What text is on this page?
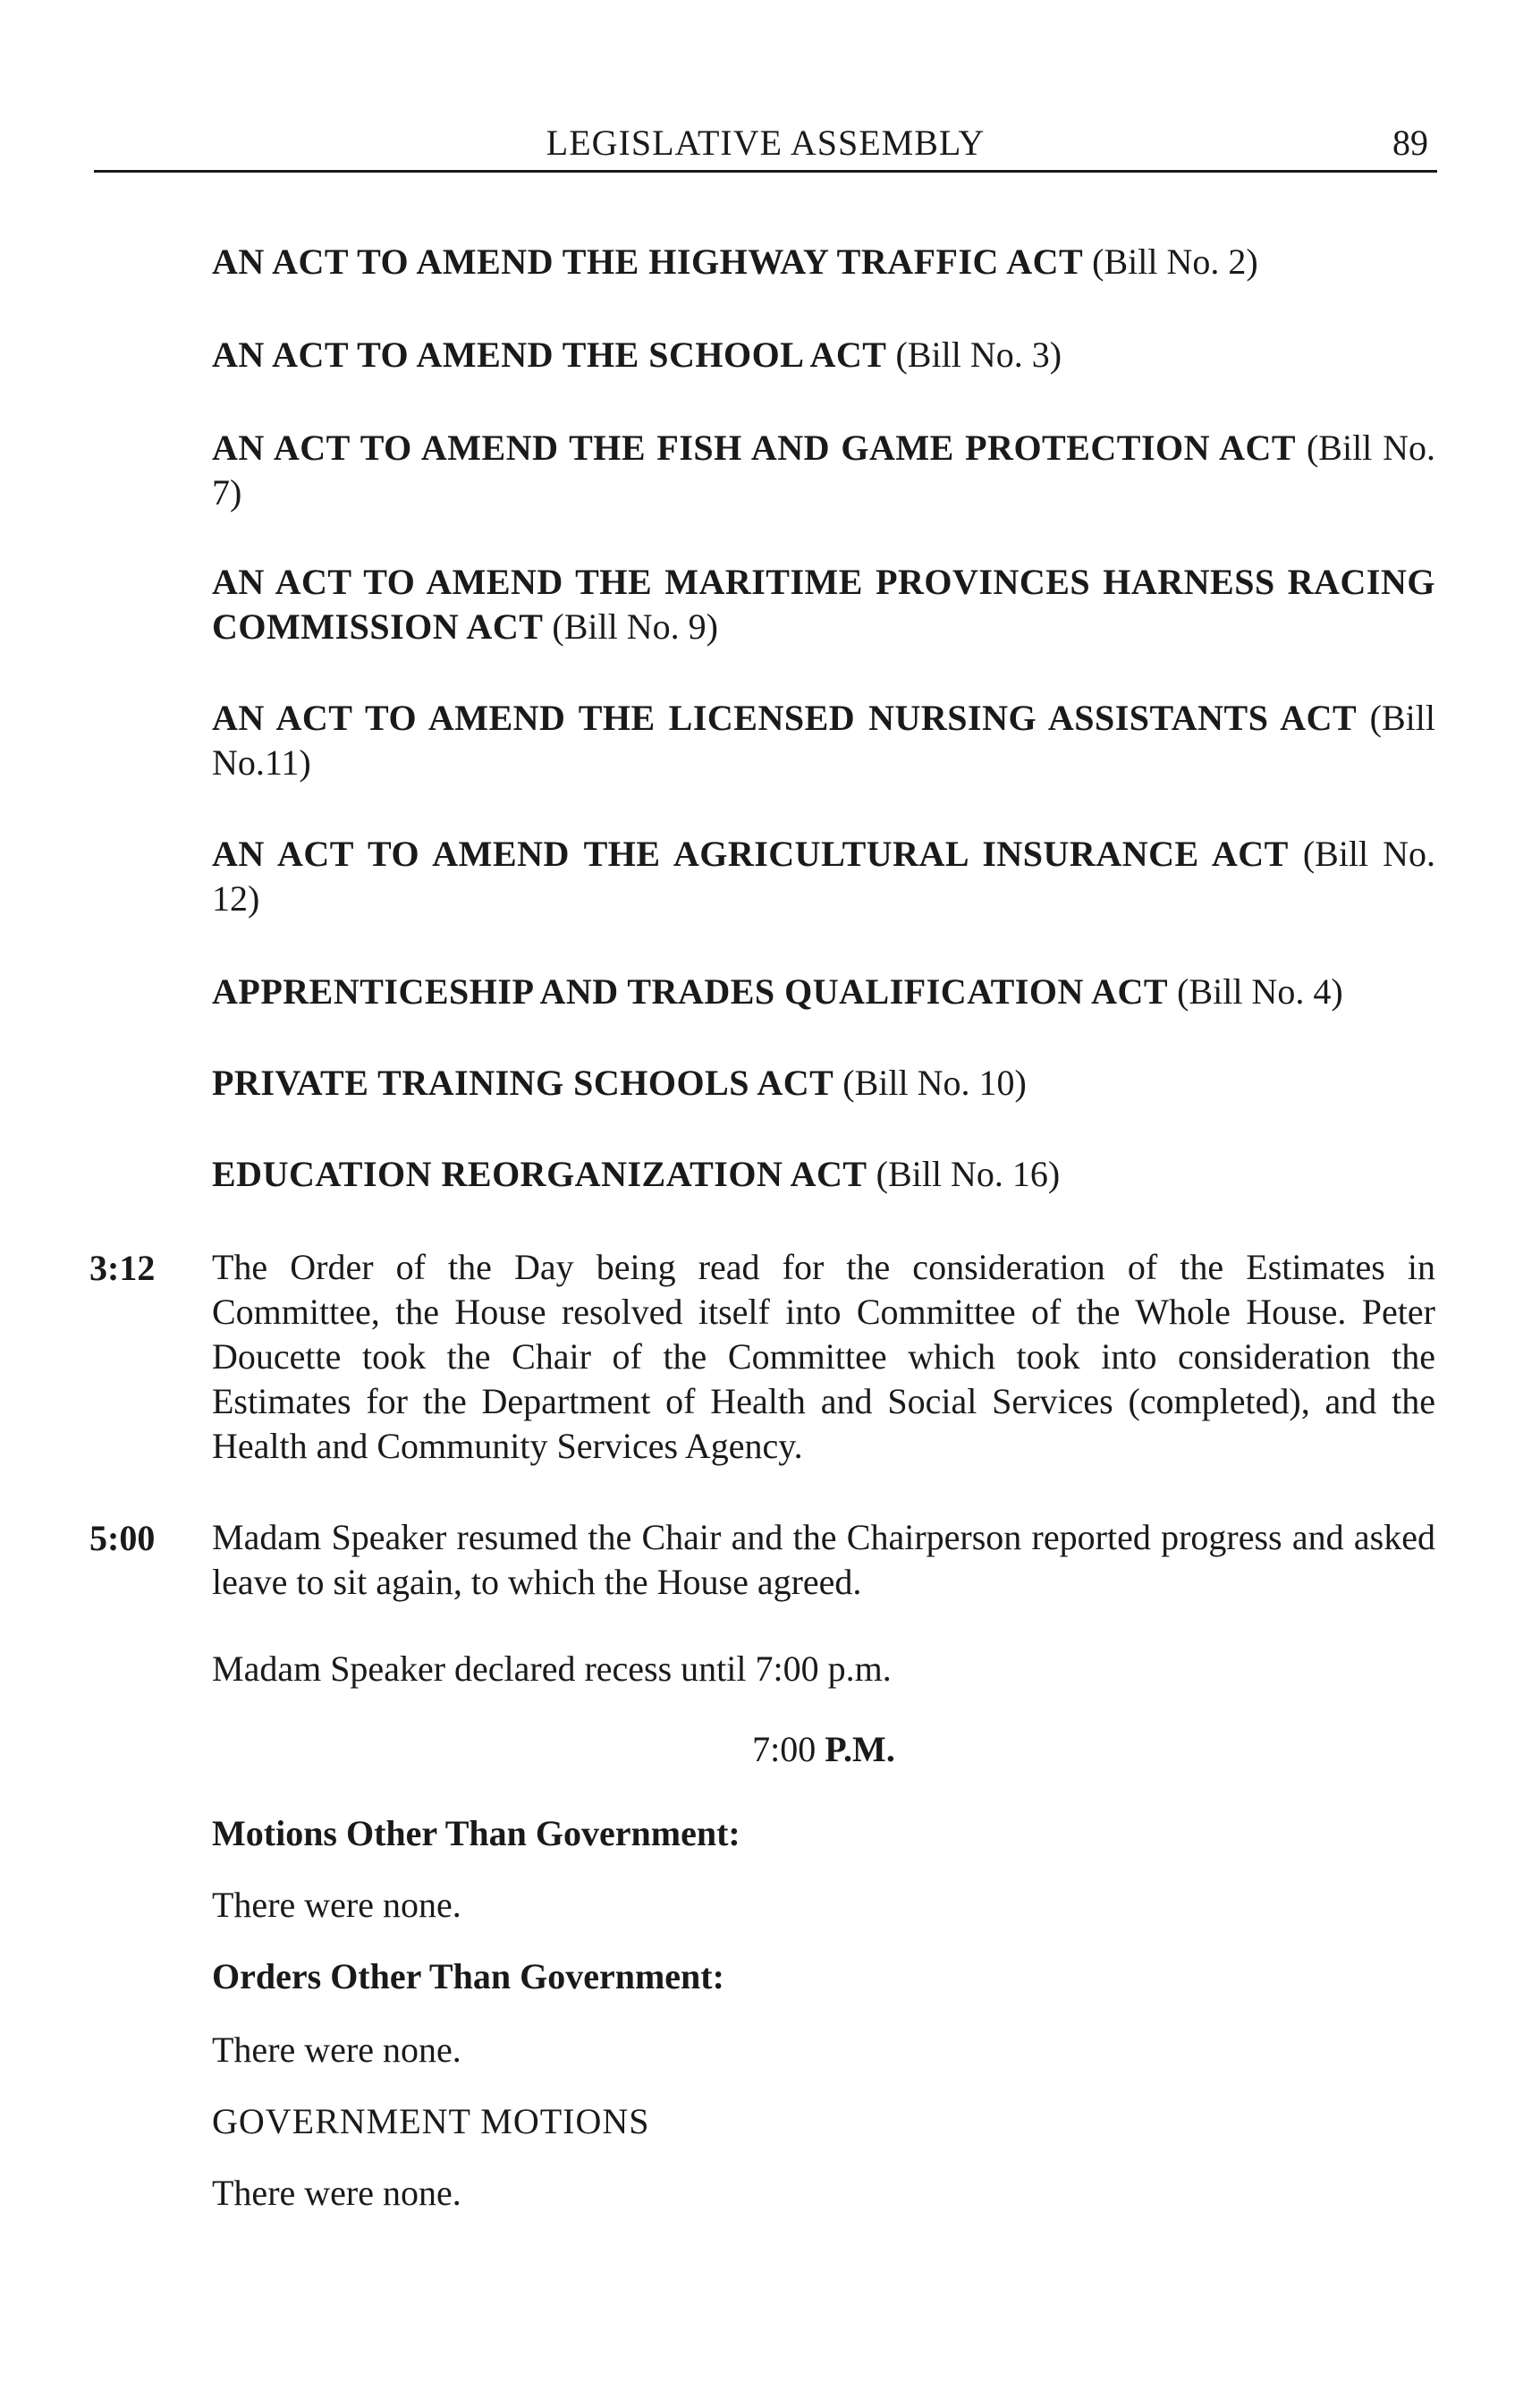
LEGISLATIVE ASSEMBLY	89
AN ACT TO AMEND THE HIGHWAY TRAFFIC ACT (Bill No. 2)
AN ACT TO AMEND THE SCHOOL ACT (Bill No. 3)
AN ACT TO AMEND THE FISH AND GAME PROTECTION ACT (Bill No. 7)
AN ACT TO AMEND THE MARITIME PROVINCES HARNESS RACING COMMISSION ACT (Bill No. 9)
AN ACT TO AMEND THE LICENSED NURSING ASSISTANTS ACT (Bill No.11)
AN ACT TO AMEND THE AGRICULTURAL INSURANCE ACT (Bill No. 12)
APPRENTICESHIP AND TRADES QUALIFICATION ACT (Bill No. 4)
PRIVATE TRAINING SCHOOLS ACT (Bill No. 10)
EDUCATION REORGANIZATION ACT (Bill No. 16)
3:12 The Order of the Day being read for the consideration of the Estimates in Committee, the House resolved itself into Committee of the Whole House. Peter Doucette took the Chair of the Committee which took into consideration the Estimates for the Department of Health and Social Services (completed), and the Health and Community Services Agency.
5:00 Madam Speaker resumed the Chair and the Chairperson reported progress and asked leave to sit again, to which the House agreed.
Madam Speaker declared recess until 7:00 p.m.
7:00 P.M.
Motions Other Than Government:
There were none.
Orders Other Than Government:
There were none.
GOVERNMENT MOTIONS
There were none.
